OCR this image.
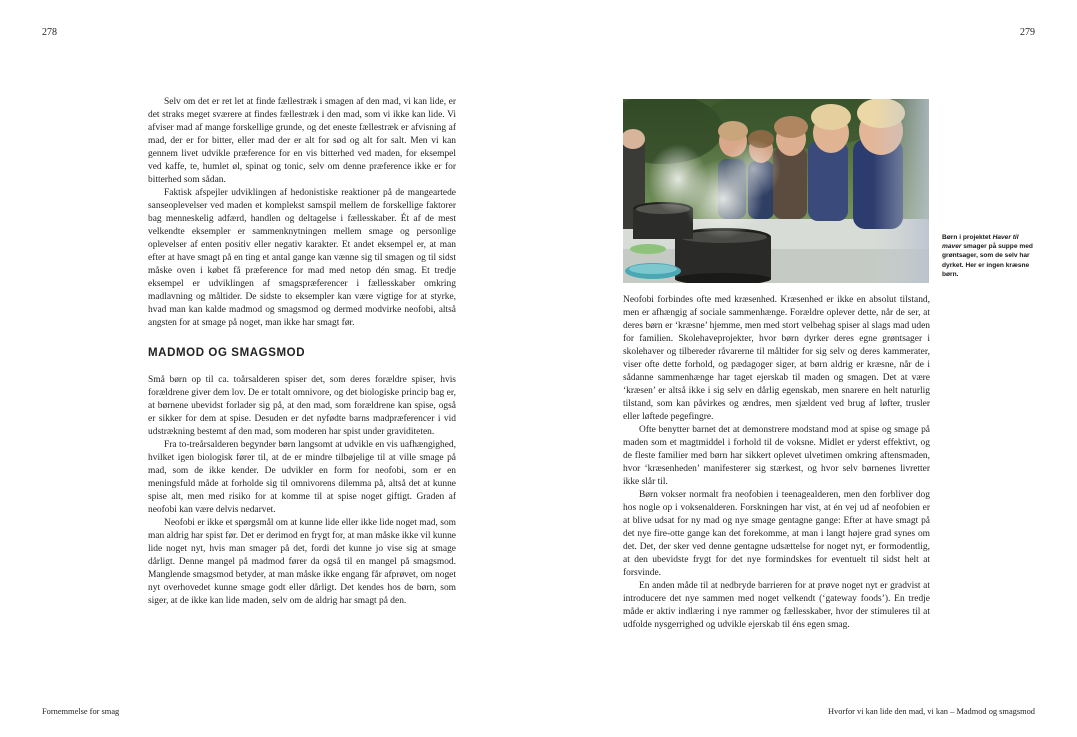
278	279

Selv om det er ret let at finde fællestræk i smagen af den mad, vi kan lide, er det straks meget sværere at findes fællestræk i den mad, som vi ikke kan lide. Vi afviser mad af mange forskellige grunde, og det eneste fællestræk er afvisning af mad, der er for bitter, eller mad der er alt for sød og alt for salt. Men vi kan gennem livet udvikle præference for en vis bitterhed ved maden, for eksempel ved kaffe, te, humlet øl, spinat og tonic, selv om denne præference ikke er for bitterhed som sådan.

Faktisk afspejler udviklingen af hedonistiske reaktioner på de mangeartede sanseoplevelser ved maden et komplekst samspil mellem de forskellige faktorer bag menneskelig adfærd, handlen og deltagelse i fællesskaber. Ét af de mest velkendte eksempler er sammenknytningen mellem smage og personlige oplevelser af enten positiv eller negativ karakter. Et andet eksempel er, at man efter at have smagt på en ting et antal gange kan vænne sig til smagen og til sidst måske oven i købet få præference for mad med netop dén smag. Et tredje eksempel er udviklingen af smagspræferencer i fællesskaber omkring madlavning og måltider. De sidste to eksempler kan være vigtige for at styrke, hvad man kan kalde madmod og smagsmod og dermed modvirke neofobi, altså angsten for at smage på noget, man ikke har smagt før.

MADMOD OG SMAGSMOD

Små børn op til ca. toårsalderen spiser det, som deres forældre spiser, hvis forældrene giver dem lov. De er totalt omnivore, og det biologiske princip bag er, at børnene ubevidst forlader sig på, at den mad, som forældrene kan spise, også er sikker for dem at spise. Desuden er det nyfødte barns madpræferencer i vid udstrækning bestemt af den mad, som moderen har spist under graviditeten.

Fra to-treårsalderen begynder børn langsomt at udvikle en vis uafhængighed, hvilket igen biologisk fører til, at de er mindre tilbøjelige til at ville smage på mad, som de ikke kender. De udvikler en form for neofobi, som er en meningsfuld måde at forholde sig til omnivorens dilemma på, altså det at kunne spise alt, men med risiko for at komme til at spise noget giftigt. Graden af neofobi kan være delvis nedarvet.

Neofobi er ikke et spørgsmål om at kunne lide eller ikke lide noget mad, som man aldrig har spist før. Det er derimod en frygt for, at man måske ikke vil kunne lide noget nyt, hvis man smager på det, fordi det kunne jo vise sig at smage dårligt. Denne mangel på madmod fører da også til en mangel på smagsmod. Manglende smagsmod betyder, at man måske ikke engang får afprøvet, om noget nyt overhovedet kunne smage godt eller dårligt. Det kendes hos de børn, som siger, at de ikke kan lide maden, selv om de aldrig har smagt på den.

Børn i projektet Haver til maver smager på suppe med grøntsager, som de selv har dyrket. Her er ingen kræsne børn.

Neofobi forbindes ofte med kræsenhed. Kræsenhed er ikke en absolut tilstand, men er afhængig af sociale sammenhænge. Forældre oplever dette, når de ser, at deres børn er ‘kræsne’ hjemme, men med stort velbehag spiser al slags mad uden for familien. Skolehaveprojekter, hvor børn dyrker deres egne grøntsager i skolehaver og tilbereder råvarerne til måltider for sig selv og deres kammerater, viser ofte dette forhold, og pædagoger siger, at børn aldrig er kræsne, når de i sådanne sammenhænge har taget ejerskab til maden og smagen. Det at være ‘kræsen’ er altså ikke i sig selv en dårlig egenskab, men snarere en helt naturlig tilstand, som kan påvirkes og ændres, men sjældent ved brug af løfter, trusler eller løftede pegefingre.

Ofte benytter barnet det at demonstrere modstand mod at spise og smage på maden som et magtmiddel i forhold til de voksne. Midlet er yderst effektivt, og de fleste familier med børn har sikkert oplevet ulvetimen omkring aftensmaden, hvor ‘kræsenheden’ manifesterer sig stærkest, og hvor selv børnenes livretter ikke slår til.

Børn vokser normalt fra neofobien i teenagealderen, men den forbliver dog hos nogle op i voksenalderen. Forskningen har vist, at én vej ud af neofobien er at blive udsat for ny mad og nye smage gentagne gange: Efter at have smagt på det nye fire-otte gange kan det forekomme, at man i langt højere grad synes om det. Det, der sker ved denne gentagne udsættelse for noget nyt, er formodentlig, at den ubevidste frygt for det nye formindskes for eventuelt til sidst helt at forsvinde.

En anden måde til at nedbryde barrieren for at prøve noget nyt er gradvist at introducere det nye sammen med noget velkendt (‘gateway foods’). En tredje måde er aktiv indlæring i nye rammer og fællesskaber, hvor der stimuleres til at udfolde nysgerrighed og udvikle ejerskab til éns egen smag.

Fornemmelse for smag	Hvorfor vi kan lide den mad, vi kan – Madmod og smagsmod
